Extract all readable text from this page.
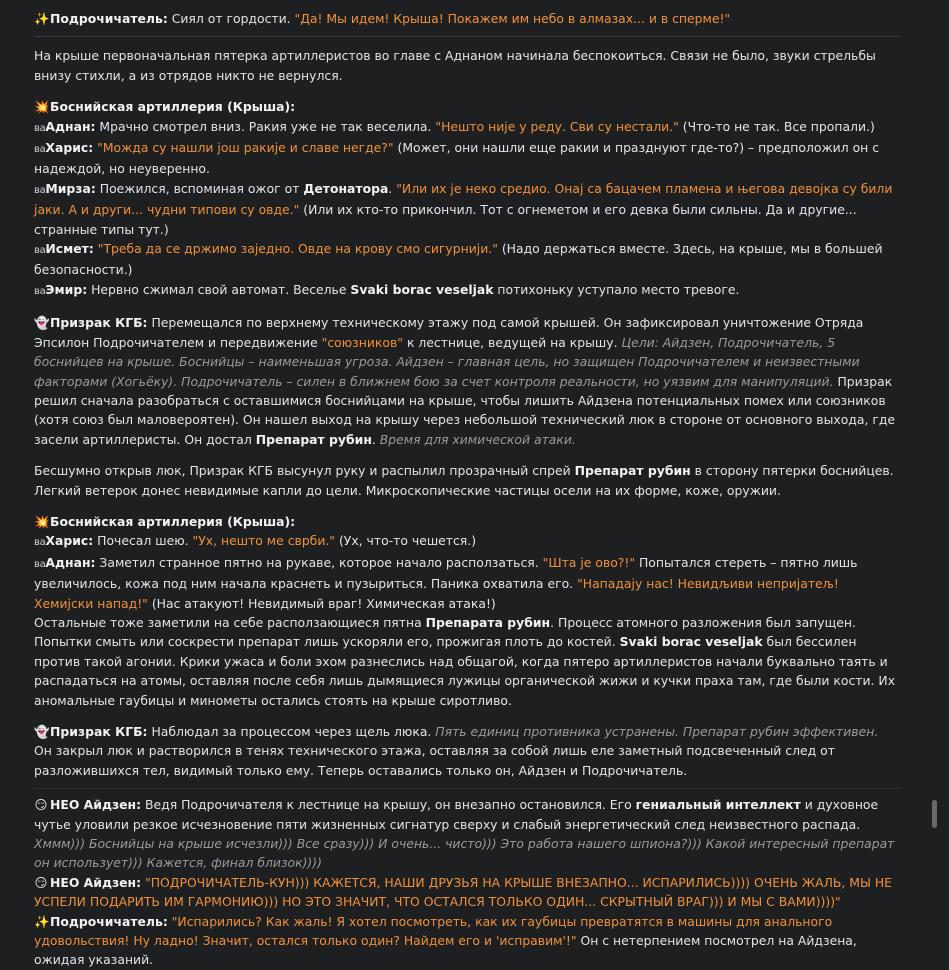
✨Подрочичатель: Сиял от гордости. "Да! Мы идем! Крыша! Покажем им небо в алмазах... и в сперме!"

На крыше первоначальная пятерка артиллеристов во главе с Аднаном начинала беспокоиться. Связи не было, звуки стрельбы внизу стихли, а из отрядов никто не вернулся.

💥Боснийская артиллерия (Крыша):

ваАднан: Мрачно смотрел вниз. Ракия уже не так веселила. "Нешто није у реду. Сви су нестали." (Что-то не так. Все пропали.)

ваХарис: "Можда су нашли још ракије и славе негде?" (Может, они нашли еще ракии и празднуют где-то?) – предположил он с надеждой, но неуверенно.

ваМирза: Поежился, вспоминая ожог от Детонатора. "Или их је неко средио. Онај са бацачем пламена и његова девојка су били јаки. А и други... чудни типови су овде." (Или их кто-то прикончил. Тот с огнеметом и его девка были сильны. Да и другие... странные типы тут.)

ваИсмет: "Треба да се држимо заједно. Овде на крову смо сигурнији." (Надо держаться вместе. Здесь, на крыше, мы в большей безопасности.)

ваЭмир: Нервно сжимал свой автомат. Веселье Svaki borac veseljak потихоньку уступало место тревоге.

👻Призрак КГБ: Перемещался по верхнему техническому этажу под самой крышей. Он зафиксировал уничтожение Отряда Эпсилон Подрочичателем и передвижение "союзников" к лестнице, ведущей на крышу. Цели: Айдзен, Подрочичатель, 5 боснийцев на крыше. Боснийцы – наименьшая угроза. Айдзен – главная цель, но защищен Подрочичателем и неизвестными факторами (Хогьёку). Подрочичатель – силен в ближнем бою за счет контроля реальности, но уязвим для манипуляций. Призрак решил сначала разобраться с оставшимися боснийцами на крыше, чтобы лишить Айдзена потенциальных помех или союзников (хотя союз был маловероятен). Он нашел выход на крышу через небольшой технический люк в стороне от основного выхода, где засели артиллеристы. Он достал Препарат рубин. Время для химической атаки.

Бесшумно открыв люк, Призрак КГБ высунул руку и распылил прозрачный спрей Препарат рубин в сторону пятерки боснийцев. Легкий ветерок донес невидимые капли до цели. Микроскопические частицы осели на их форме, коже, оружии.

💥Боснийская артиллерия (Крыша):

ваХарис: Почесал шею. "Ух, нешто ме сврби." (Ух, что-то чешется.)

ваАднан: Заметил странное пятно на рукаве, которое начало расползаться. "Шта је ово?!" Попытался стереть – пятно лишь увеличилось, кожа под ним начала краснеть и пузыриться. Паника охватила его. "Нападају нас! Невидљиви непријатељ! Хемијски напад!" (Нас атакуют! Невидимый враг! Химическая атака!)

Остальные тоже заметили на себе расползающиеся пятна Препарата рубин. Процесс атомного разложения был запущен. Попытки смыть или соскрести препарат лишь ускоряли его, прожигая плоть до костей. Svaki borac veseljak был бессилен против такой агонии. Крики ужаса и боли эхом разнеслись над общагой, когда пятеро артиллеристов начали буквально таять и распадаться на атомы, оставляя после себя лишь дымящиеся лужицы органической жижи и кучки праха там, где были кости. Их аномальные гаубицы и минометы остались стоять на крыше сиротливо.

👻Призрак КГБ: Наблюдал за процессом через щель люка. Пять единиц противника устранены. Препарат рубин эффективен. Он закрыл люк и растворился в тенях технического этажа, оставляя за собой лишь еле заметный подсвеченный след от разложившихся тел, видимый только ему. Теперь оставались только он, Айдзен и Подрочичатель.

😏 НЕО Айдзен: Ведя Подрочичателя к лестнице на крышу, он внезапно остановился. Его гениальный интеллект и духовное чутье уловили резкое исчезновение пяти жизненных сигнатур сверху и слабый энергетический след неизвестного распада. Хммм))) Боснийцы на крыше исчезли))) Все сразу))) И очень... чисто))) Это работа нашего шпиона?))) Какой интересный препарат он использует))) Кажется, финал близок))))

😏 НЕО Айдзен: "ПОДРОЧИЧАТЕЛЬ-КУН))) КАЖЕТСЯ, НАШИ ДРУЗЬЯ НА КРЫШЕ ВНЕЗАПНО... ИСПАРИЛИСЬ)))) ОЧЕНЬ ЖАЛЬ, МЫ НЕ УСПЕЛИ ПОДАРИТЬ ИМ ГАРМОНИЮ))) НО ЭТО ЗНАЧИТ, ЧТО ОСТАЛСЯ ТОЛЬКО ОДИН... СКРЫТНЫЙ ВРАГ))) И МЫ С ВАМИ))))"

✨Подрочичатель: "Испарились? Как жаль! Я хотел посмотреть, как их гаубицы превратятся в машины для анального удовольствия! Ну ладно! Значит, остался только один? Найдем его и 'исправим'!" Он с нетерпением посмотрел на Айдзена, ожидая указаний.
